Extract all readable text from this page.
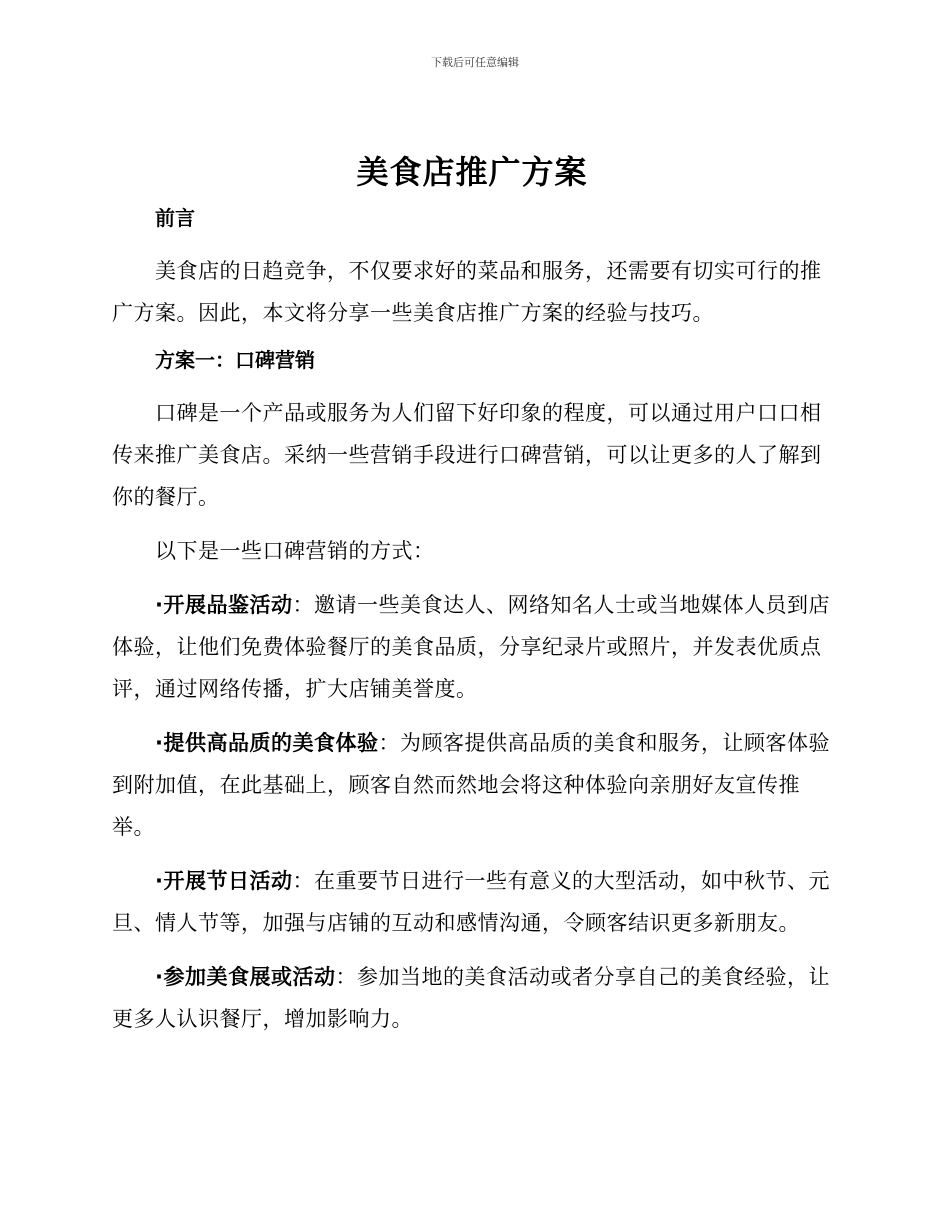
下载后可任意编辑
美食店推广方案
前言

美食店的日趋竞争，不仅要求好的菜品和服务，还需要有切实可行的推广方案。因此，本文将分享一些美食店推广方案的经验与技巧。

方案一：口碑营销

口碑是一个产品或服务为人们留下好印象的程度，可以通过用户口口相传来推广美食店。采纳一些营销手段进行口碑营销，可以让更多的人了解到你的餐厅。

以下是一些口碑营销的方式：

·开展品鉴活动：邀请一些美食达人、网络知名人士或当地媒体人员到店体验，让他们免费体验餐厅的美食品质，分享纪录片或照片，并发表优质点评，通过网络传播，扩大店铺美誉度。

·提供高品质的美食体验：为顾客提供高品质的美食和服务，让顾客体验到附加值，在此基础上，顾客自然而然地会将这种体验向亲朋好友宣传推举。

·开展节日活动：在重要节日进行一些有意义的大型活动，如中秋节、元旦、情人节等，加强与店铺的互动和感情沟通，令顾客结识更多新朋友。

·参加美食展或活动：参加当地的美食活动或者分享自己的美食经验，让更多人认识餐厅，增加影响力。
